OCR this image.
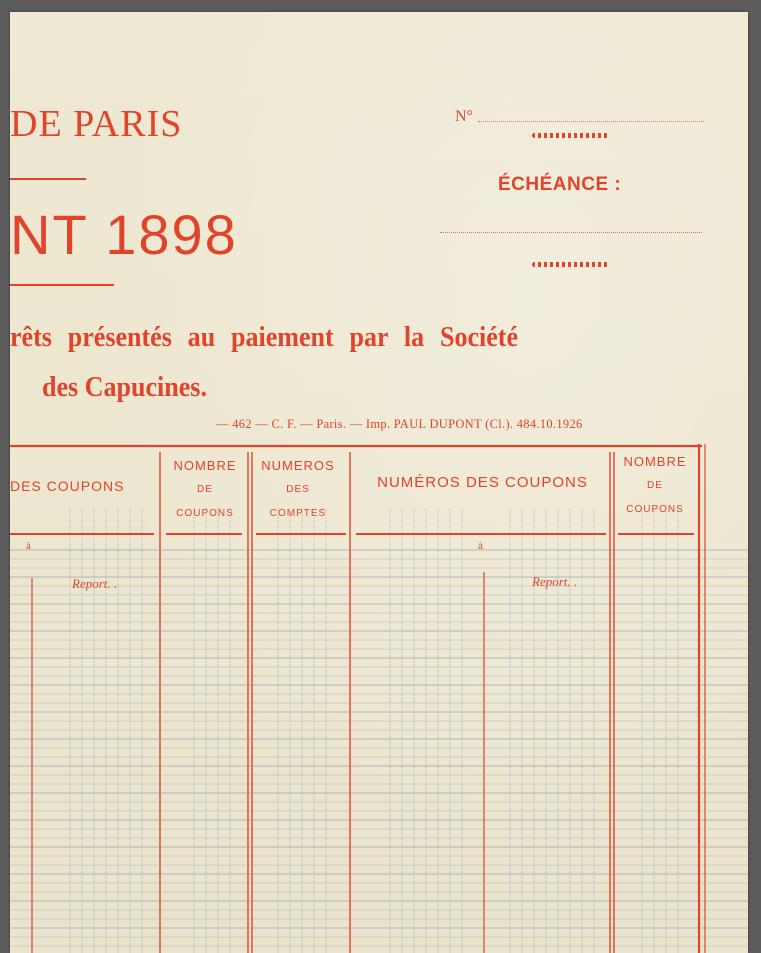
DE PARIS
NT 1898
N°
ÉCHÉANCE :
rêts présentés au paiement par la Société
des Capucines.
— 462 — C. F. — Paris. — Imp. PAUL DUPONT (Cl.). 484.10.1926
DES COUPONS
NOMBRE
DE
COUPONS
NUMEROS
DES
COMPTES
NUMÉROS DES COUPONS
NOMBRE
DE
COUPONS
à	à
Report. .	Report. .
